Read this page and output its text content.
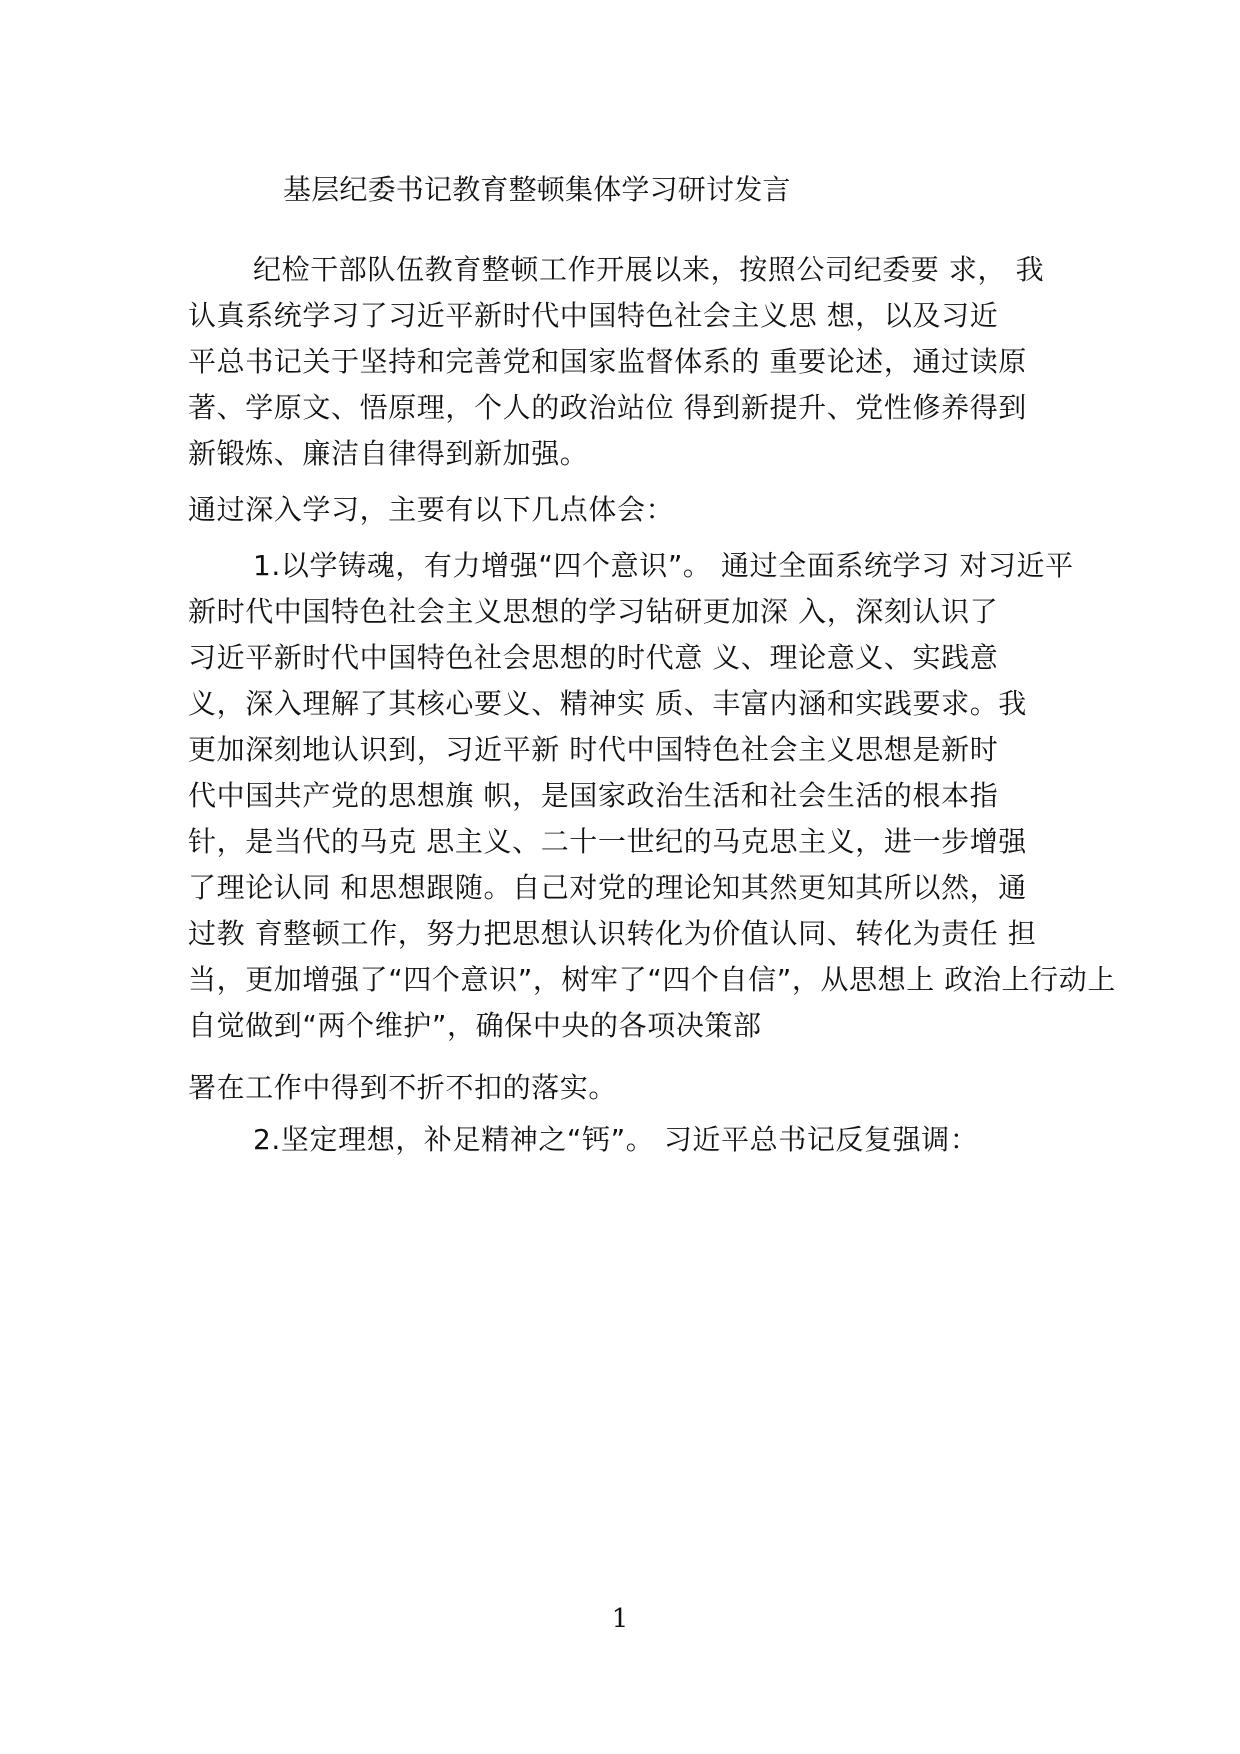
基层纪委书记教育整顿集体学习研讨发言
纪检干部队伍教育整顿工作开展以来，按照公司纪委要 求， 我
认真系统学习了习近平新时代中国特色社会主义思 想，以及习近
平总书记关于坚持和完善党和国家监督体系的 重要论述，通过读原
著、学原文、悟原理，个人的政治站位 得到新提升、党性修养得到
新锻炼、廉洁自律得到新加强。
通过深入学习，主要有以下几点体会：
1.以学铸魂，有力增强“四个意识”。 通过全面系统学习 对习近平
新时代中国特色社会主义思想的学习钻研更加深 入，深刻认识了
习近平新时代中国特色社会思想的时代意 义、理论意义、实践意
义，深入理解了其核心要义、精神实 质、丰富内涵和实践要求。我
更加深刻地认识到，习近平新 时代中国特色社会主义思想是新时
代中国共产党的思想旗 帜，是国家政治生活和社会生活的根本指
针，是当代的马克 思主义、二十一世纪的马克思主义，进一步增强
了理论认同 和思想跟随。自己对党的理论知其然更知其所以然，通
过教 育整顿工作，努力把思想认识转化为价值认同、转化为责任 担
当，更加增强了“四个意识”，树牢了“四个自信”，从思想上 政治上行动上
自觉做到“两个维护”，确保中央的各项决策部
署在工作中得到不折不扣的落实。
2.坚定理想，补足精神之“钙”。 习近平总书记反复强调：
1
